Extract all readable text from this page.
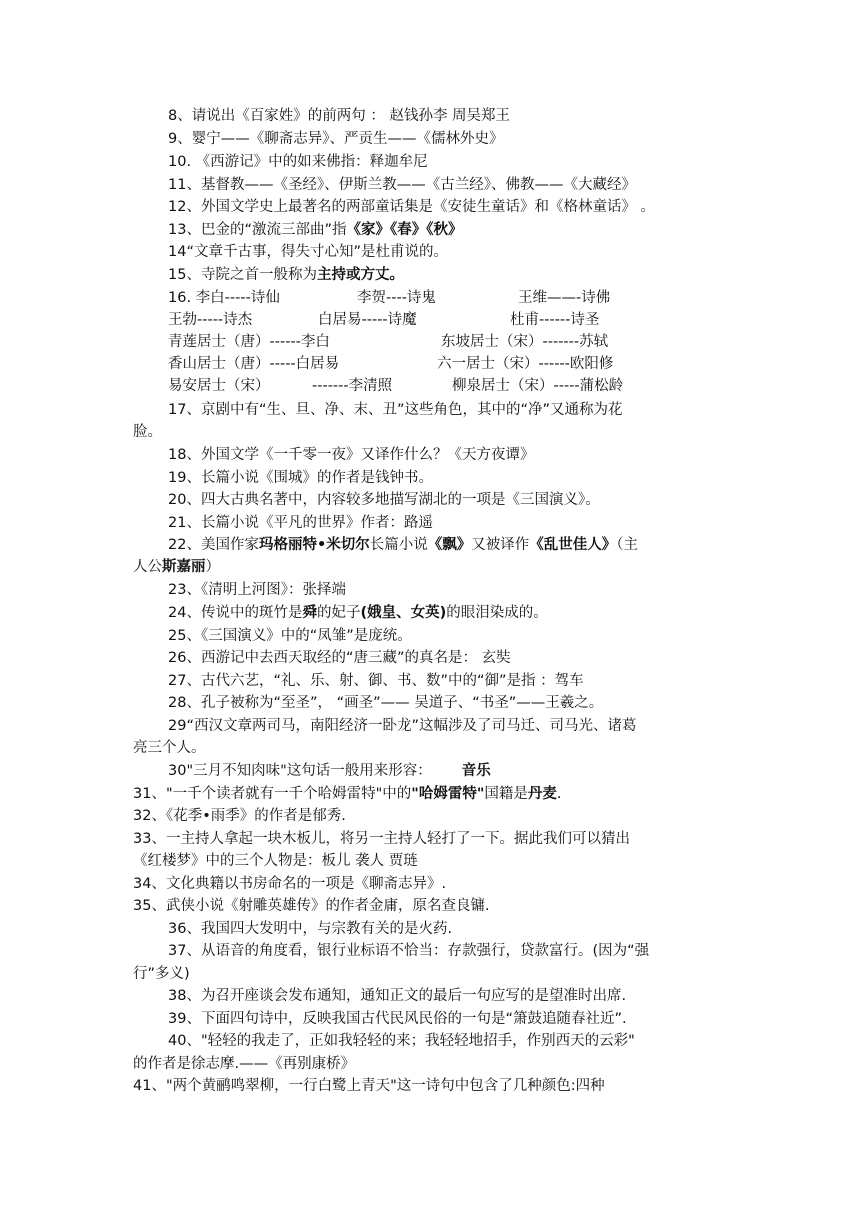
8、请说出《百家姓》的前两句 ： 赵钱孙李 周吴郑王
9、婴宁——《聊斋志异》、严贡生——《儒林外史》
10. 《西游记》中的如来佛指：释迦牟尼
11、基督教——《圣经》、伊斯兰教——《古兰经》、佛教——《大藏经》
12、外国文学史上最著名的两部童话集是《安徒生童话》和《格林童话》 。
13、巴金的“激流三部曲”指《家》《春》《秋》
14“文章千古事，得失寸心知”是杜甫说的。
15、寺院之首一般称为主持或方丈。
16. 李白-----诗仙	李贺----诗鬼	王维——-诗佛
王勃-----诗杰	白居易-----诗魔	杜甫------诗圣
青莲居士（唐）------李白	东坡居士（宋）-------苏轼
香山居士（唐）-----白居易	六一居士（宋）------欧阳修
易安居士（宋）	-------李清照	柳泉居士（宋）-----蒲松龄
17、京剧中有“生、旦、净、末、丑”这些角色，其中的“净”又通称为花
脸。
18、外国文学《一千零一夜》又译作什么？《天方夜谭》
19、长篇小说《围城》的作者是钱钟书。
20、四大古典名著中，内容较多地描写湖北的一项是《三国演义》。
21、长篇小说《平凡的世界》作者：路遥
22、美国作家玛格丽特•米切尔长篇小说《飘》又被译作《乱世佳人》（主
人公斯嘉丽）
23、《清明上河图》：张择端
24、传说中的斑竹是舜的妃子(娥皇、女英)的眼泪染成的。
25、《三国演义》中的“凤雏”是庞统。
26、西游记中去西天取经的“唐三藏”的真名是： 玄奘
27、古代六艺，“礼、乐、射、御、书、数”中的“御”是指 ：驾车
28、孔子被称为“至圣”， “画圣”—— 吴道子、“书圣”——王羲之。
29“西汉文章两司马，南阳经济一卧龙”这幅涉及了司马迁、司马光、诸葛
亮三个人。
30"三月不知肉味"这句话一般用来形容： 音乐
31、"一千个读者就有一千个哈姆雷特"中的"哈姆雷特"国籍是丹麦.
32、《花季•雨季》的作者是郁秀.
33、一主持人拿起一块木板儿，将另一主持人轻打了一下。据此我们可以猜出
《红楼梦》中的三个人物是：板儿 袭人 贾琏
34、文化典籍以书房命名的一项是《聊斋志异》.
35、武侠小说《射雕英雄传》的作者金庸，原名查良镛.
36、我国四大发明中，与宗教有关的是火药.
37、从语音的角度看，银行业标语不恰当：存款强行，贷款富行。(因为“强
行”多义)
38、为召开座谈会发布通知，通知正文的最后一句应写的是望准时出席.
39、下面四句诗中，反映我国古代民风民俗的一句是“箫鼓追随春社近”.
40、"轻轻的我走了，正如我轻轻的来；我轻轻地招手，作别西天的云彩"
的作者是徐志摩.——《再别康桥》
41、"两个黄鹂鸣翠柳，一行白鹭上青天"这一诗句中包含了几种颜色:四种
